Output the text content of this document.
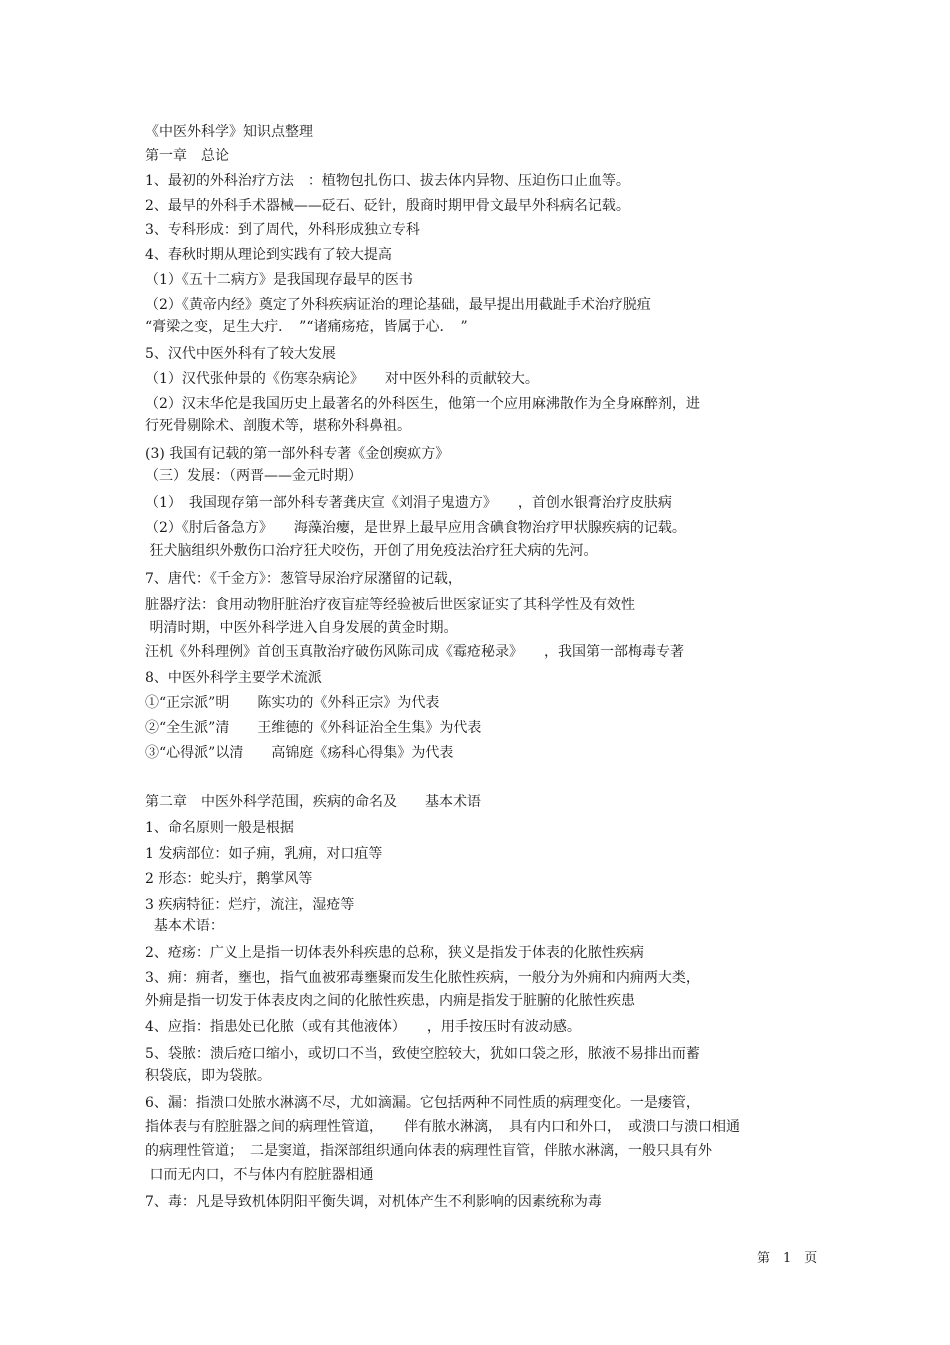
《中医外科学》知识点整理
第一章　总论
1、最初的外科治疗方法　：植物包扎伤口、拔去体内异物、压迫伤口止血等。
2、最早的外科手术器械——砭石、砭针，殷商时期甲骨文最早外科病名记载。
3、专科形成：到了周代，外科形成独立专科
4、春秋时期从理论到实践有了较大提高
（1）《五十二病方》是我国现存最早的医书
（2）《黄帝内经》奠定了外科疾病证治的理论基础，最早提出用截趾手术治疗脱疽
“膏梁之变，足生大疔．　”“诸痛疡疮，皆属于心．　”
5、汉代中医外科有了较大发展
（1）汉代张仲景的《伤寒杂病论》　　对中医外科的贡献较大。
（2）汉末华佗是我国历史上最著名的外科医生，他第一个应用麻沸散作为全身麻醉剂，进
行死骨剔除术、剖腹术等，堪称外科鼻祖。
(3) 我国有记载的第一部外科专著《金创瘈疭方》
（三）发展：（两晋——金元时期）
（1）　我国现存第一部外科专著龚庆宣《刘涓子鬼遗方》　　，首创水银膏治疗皮肤病
（2）《肘后备急方》　　海藻治瘿，是世界上最早应用含碘食物治疗甲状腺疾病的记载。
狂犬脑组织外敷伤口治疗狂犬咬伤，开创了用免疫法治疗狂犬病的先河。
7、唐代：《千金方》：葱管导尿治疗尿潴留的记载，
脏器疗法：食用动物肝脏治疗夜盲症等经验被后世医家证实了其科学性及有效性
明清时期，中医外科学进入自身发展的黄金时期。
汪机《外科理例》首创玉真散治疗破伤风陈司成《霉疮秘录》　　，我国第一部梅毒专著
8、中医外科学主要学术流派
①“正宗派”明　　陈实功的《外科正宗》为代表
②“全生派”清　　王维德的《外科证治全生集》为代表
③“心得派”以清　　高锦庭《疡科心得集》为代表
第二章　中医外科学范围，疾病的命名及　　基本术语
1、命名原则一般是根据
1 发病部位：如子痈，乳痈，对口疽等
2 形态：蛇头疔，鹅掌风等
3 疾病特征：烂疔，流注，湿疮等
基本术语：
2、疮疡：广义上是指一切体表外科疾患的总称，狭义是指发于体表的化脓性疾病
3、痈：痈者，壅也，指气血被邪毒壅聚而发生化脓性疾病，一般分为外痈和内痈两大类，
外痈是指一切发于体表皮肉之间的化脓性疾患，内痈是指发于脏腑的化脓性疾患
4、应指：指患处已化脓（或有其他液体）　　，用手按压时有波动感。
5、袋脓：溃后疮口缩小，或切口不当，致使空腔较大，犹如口袋之形，脓液不易排出而蓄
积袋底，即为袋脓。
6、漏：指溃口处脓水淋漓不尽，尤如滴漏。它包括两种不同性质的病理变化。一是瘘管，
指体表与有腔脏器之间的病理性管道，　　伴有脓水淋漓，　具有内口和外口，　或溃口与溃口相通
的病理性管道；　二是窦道，指深部组织通向体表的病理性盲管，伴脓水淋漓，一般只具有外
口而无内口，不与体内有腔脏器相通
7、毒：凡是导致机体阴阳平衡失调，对机体产生不利影响的因素统称为毒
第　1　页
